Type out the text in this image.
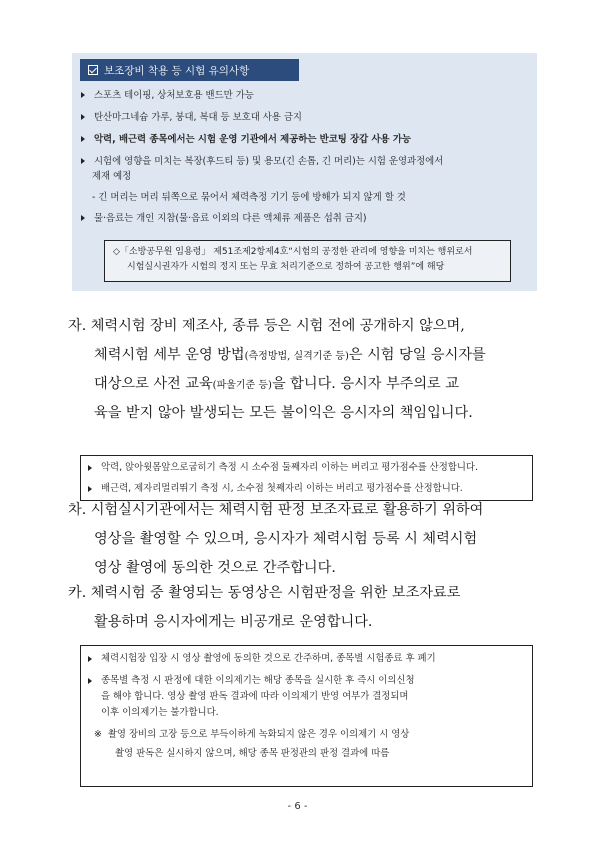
보조장비 착용 등 시험 유의사항
스포츠 테이핑, 상처보호용 밴드만 가능
탄산마그네슘 가루, 붕대, 복대 등 보호대 사용 금지
악력, 배근력 종목에서는 시험 운영 기관에서 제공하는 반코팅 장갑 사용 가능
시험에 영향을 미치는 복장(후드티 등) 및 용모(긴 손톱, 긴 머리)는 시험 운영과정에서
제재 예정
- 긴 머리는 머리 뒤쪽으로 묶어서 체력측정 기기 등에 방해가 되지 않게 할 것
물·음료는 개인 지참(물·음료 이외의 다른 액체류 제품은 섭취 금지)
◇「소방공무원 임용령」 제51조제2항제4호“시험의 공정한 관리에 영향을 미치는 행위로서
시험실시권자가 시험의 정지 또는 무효 처리기준으로 정하여 공고한 행위”에 해당
자. 체력시험 장비 제조사, 종류 등은 시험 전에 공개하지 않으며,
체력시험 세부 운영 방법(측정방법, 실격기준 등)은 시험 당일 응시자를
대상으로 사전 교육(파울기준 등)을 합니다. 응시자 부주의로 교
육을 받지 않아 발생되는 모든 불이익은 응시자의 책임입니다.
악력, 앉아윗몸앞으로굽히기 측정 시 소수점 둘째자리 이하는 버리고 평가점수를 산정합니다.
배근력, 제자리멀리뛰기 측정 시, 소수점 첫째자리 이하는 버리고 평가점수를 산정합니다.
차. 시험실시기관에서는 체력시험 판정 보조자료로 활용하기 위하여
영상을 촬영할 수 있으며, 응시자가 체력시험 등록 시 체력시험
영상 촬영에 동의한 것으로 간주합니다.
카. 체력시험 중 촬영되는 동영상은 시험판정을 위한 보조자료로
활용하며 응시자에게는 비공개로 운영합니다.
체력시험장 입장 시 영상 촬영에 동의한 것으로 간주하며, 종목별 시험종료 후 폐기
종목별 측정 시 판정에 대한 이의제기는 해당 종목을 실시한 후 즉시 이의신청
을 해야 합니다. 영상 촬영 판독 결과에 따라 이의제기 반영 여부가 결정되며
이후 이의제기는 불가합니다.
※ 촬영 장비의 고장 등으로 부득이하게 녹화되지 않은 경우 이의제기 시 영상
촬영 판독은 실시하지 않으며, 해당 종목 판정관의 판정 결과에 따름
- 6 -
